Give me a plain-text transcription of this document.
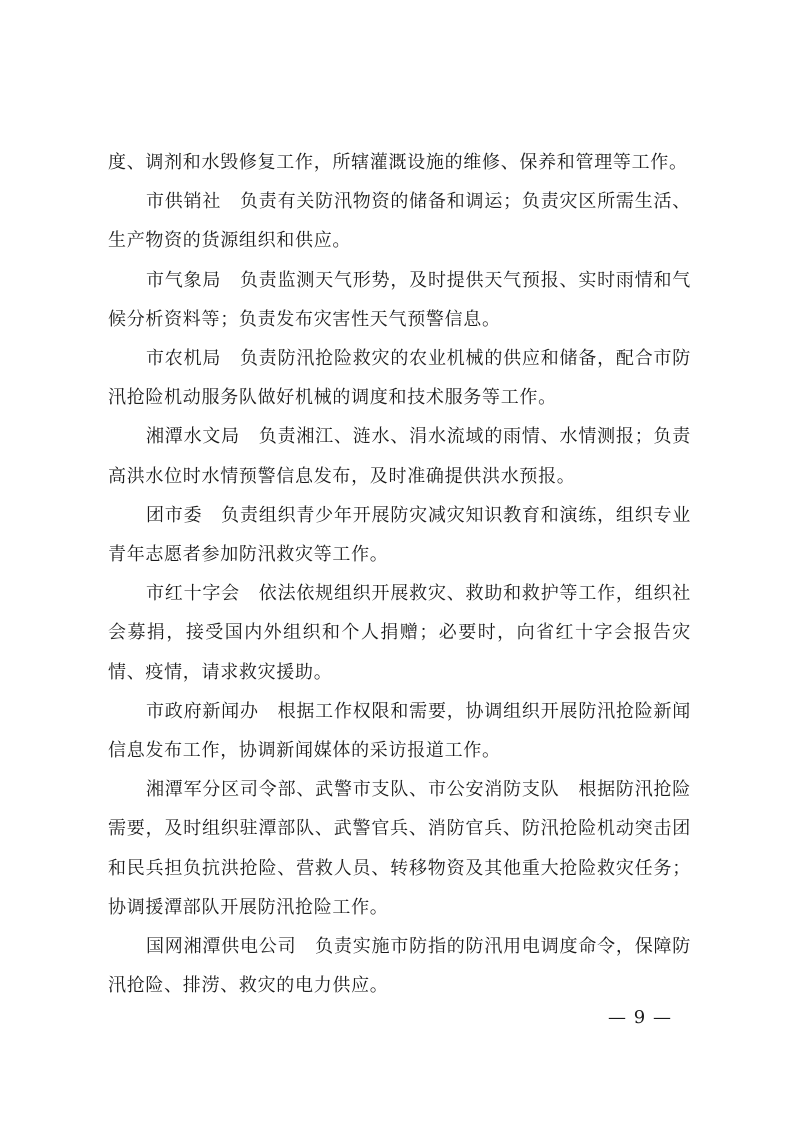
度、调剂和水毁修复工作，所辖灌溉设施的维修、保养和管理等工作。

市供销社　负责有关防汛物资的储备和调运；负责灾区所需生活、生产物资的货源组织和供应。

市气象局　负责监测天气形势，及时提供天气预报、实时雨情和气候分析资料等；负责发布灾害性天气预警信息。

市农机局　负责防汛抢险救灾的农业机械的供应和储备，配合市防汛抢险机动服务队做好机械的调度和技术服务等工作。

湘潭水文局　负责湘江、涟水、涓水流域的雨情、水情测报；负责高洪水位时水情预警信息发布，及时准确提供洪水预报。

团市委　负责组织青少年开展防灾减灾知识教育和演练，组织专业青年志愿者参加防汛救灾等工作。

市红十字会　依法依规组织开展救灾、救助和救护等工作，组织社会募捐，接受国内外组织和个人捐赠；必要时，向省红十字会报告灾情、疫情，请求救灾援助。

市政府新闻办　根据工作权限和需要，协调组织开展防汛抢险新闻信息发布工作，协调新闻媒体的采访报道工作。

湘潭军分区司令部、武警市支队、市公安消防支队　根据防汛抢险需要，及时组织驻潭部队、武警官兵、消防官兵、防汛抢险机动突击团和民兵担负抗洪抢险、营救人员、转移物资及其他重大抢险救灾任务；协调援潭部队开展防汛抢险工作。

国网湘潭供电公司　负责实施市防指的防汛用电调度命令，保障防汛抢险、排涝、救灾的电力供应。

— 9 —
